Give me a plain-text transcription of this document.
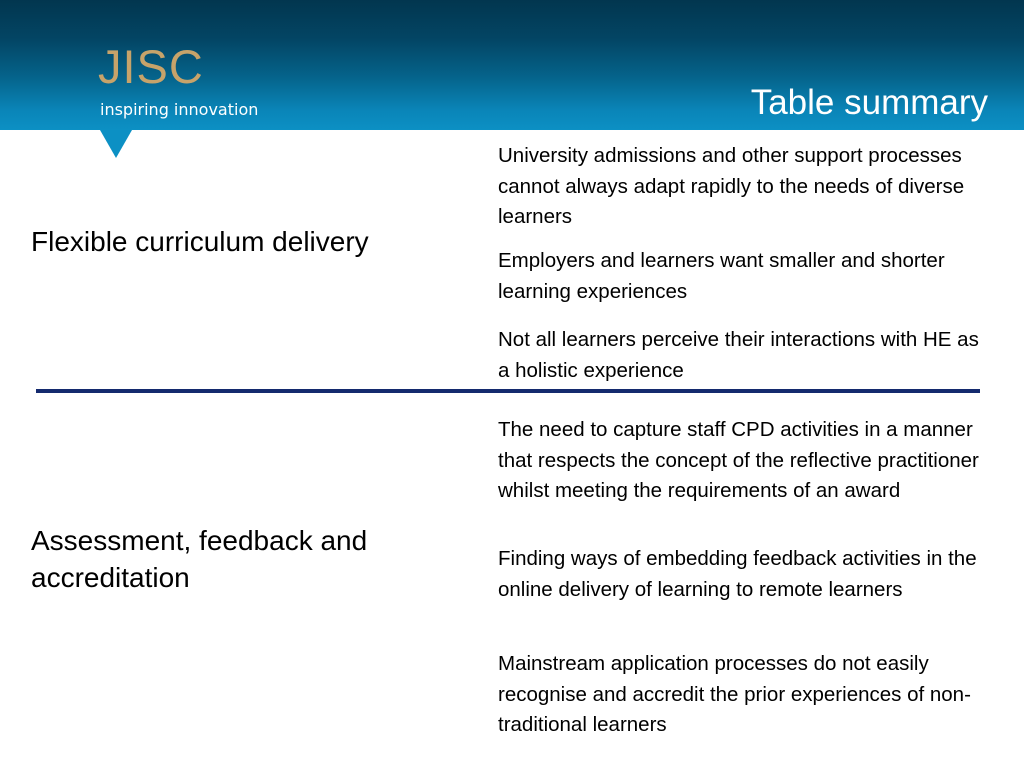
JISC
inspiring innovation	Table summary
Flexible curriculum delivery
University admissions and other support processes cannot always adapt rapidly to the needs of diverse learners
Employers and learners want smaller and shorter learning experiences
Not all learners perceive their interactions with HE as a holistic experience
Assessment, feedback and accreditation
The need to capture staff CPD activities in a manner that respects the concept of the reflective practitioner whilst meeting the requirements of an award
Finding ways of embedding feedback activities in the online delivery of learning to remote learners
Mainstream application processes do not easily recognise and accredit the prior experiences of non-traditional learners
